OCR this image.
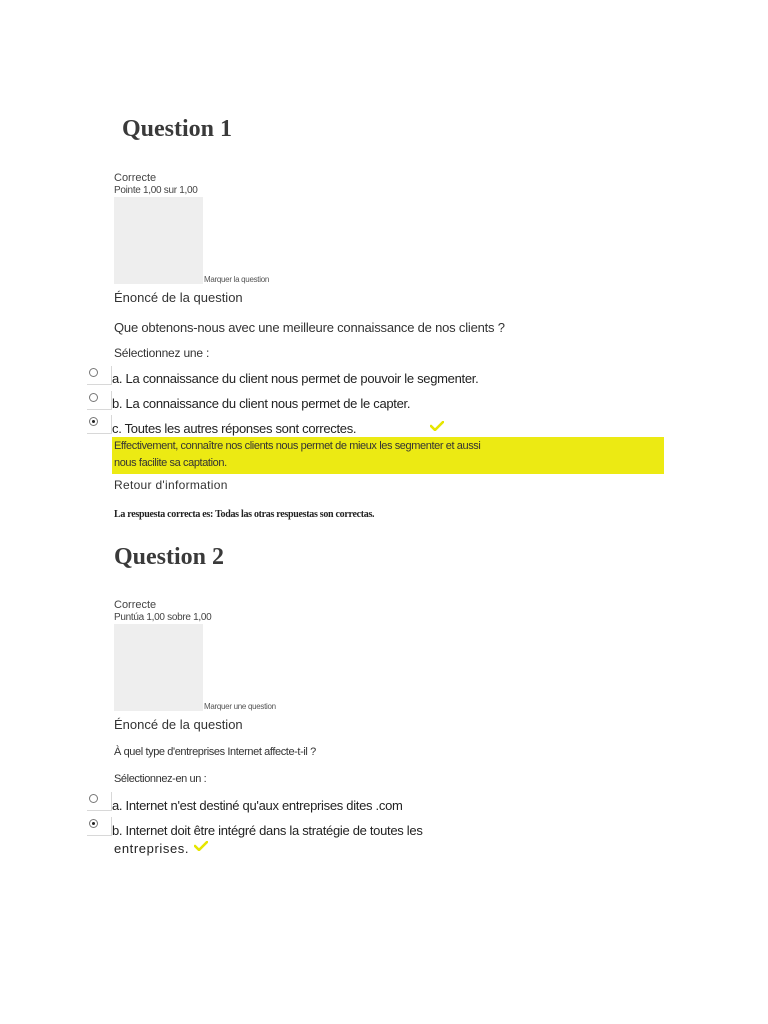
Question 1
Correcte
Pointe 1,00 sur 1,00
Marquer la question
Énoncé de la question
Que obtenons-nous avec une meilleure connaissance de nos clients ?
Sélectionnez une :
a. La connaissance du client nous permet de pouvoir le segmenter.
b. La connaissance du client nous permet de le capter.
c. Toutes les autres réponses sont correctes.
Effectivement, connaître nos clients nous permet de mieux les segmenter et aussi
nous facilite sa captation.
Retour d'information
La respuesta correcta es: Todas las otras respuestas son correctas.
Question 2
Correcte
Puntúa 1,00 sobre 1,00
Marquer une question
Énoncé de la question
À quel type d'entreprises Internet affecte-t-il ?
Sélectionnez-en un :
a. Internet n'est destiné qu'aux entreprises dites .com
b. Internet doit être intégré dans la stratégie de toutes les
entreprises.
